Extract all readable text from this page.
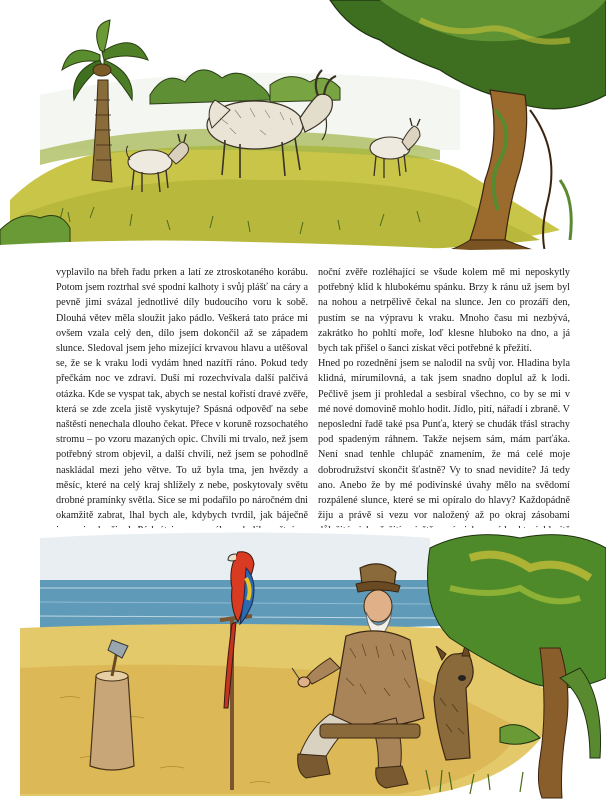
vyplavilo na břeh řadu prken a latí ze ztroskotaného korábu. Potom jsem roztrhal své spodní kalhoty i svůj plášť na cáry a pevně jimi svázal jednotlivé díly budoucího voru k sobě. Dlouhá větev měla sloužit jako pádlo. Veškerá tato práce mi ovšem vzala celý den, dílo jsem dokončil až se západem slunce. Sledoval jsem jeho mizející krvavou hlavu a utěšoval se, že se k vraku lodi vydám hned nazítří ráno. Pokud tedy přečkám noc ve zdraví. Duší mi rozechvívala další palčivá otázka. Kde se vyspat tak, abych se nestal kořistí dravé zvěře, která se zde zcela jistě vyskytuje? Spásná odpověď na sebe naštěstí nenechala dlouho čekat. Přece v koruně rozsochatého stromu – po vzoru mazaných opic. Chvíli mi trvalo, než jsem potřebný strom objevil, a další chvíli, než jsem se pohodlně naskládal mezi jeho větve. To už byla tma, jen hvězdy a měsíc, které na celý kraj shlížely z nebe, poskytovaly světu drobné pramínky světla. Sice se mi podařilo po náročném dni okamžitě zabrat, lhal bych ale, kdybych tvrdil, jak báječně

noční zvěře rozléhající se všude kolem mě mi neposkytly potřebný klid k hlubokému spánku. Brzy k ránu už jsem byl na nohou a netrpělivě čekal na slunce. Jen co prozáří den, pustím se na výpravu k vraku. Mnoho času mi nezbývá, zakrátko ho pohltí moře, loď klesne hluboko na dno, a já bych tak přišel o šanci získat věci potřebné k přežití.

Hned po rozednění jsem se nalodil na svůj vor. Hladina byla klidná, mírumilovná, a tak jsem snadno doplul až k lodi. Pečlivě jsem ji prohledal a sesbíral všechno, co by se mi v mé nové domovině mohlo hodit. Jídlo, pití, nářadí i zbraně. V neposlední řadě také psa Punťa, který se chudák třásl strachy pod spadeným ráhnem. Takže nejsem sám, mám parťáka. Není snad tenhle chlupáč znamením, že má celé moje dobrodružství skončit šťastně? Vy to snad nevidíte? Já tedy ano. Anebo že by mé podivínské úvahy mělo na svědomí rozpálené slunce, které se mi opíralo do hlavy? Každopádně žiju a právě si vezu vor naložený až po okraj zásobami
